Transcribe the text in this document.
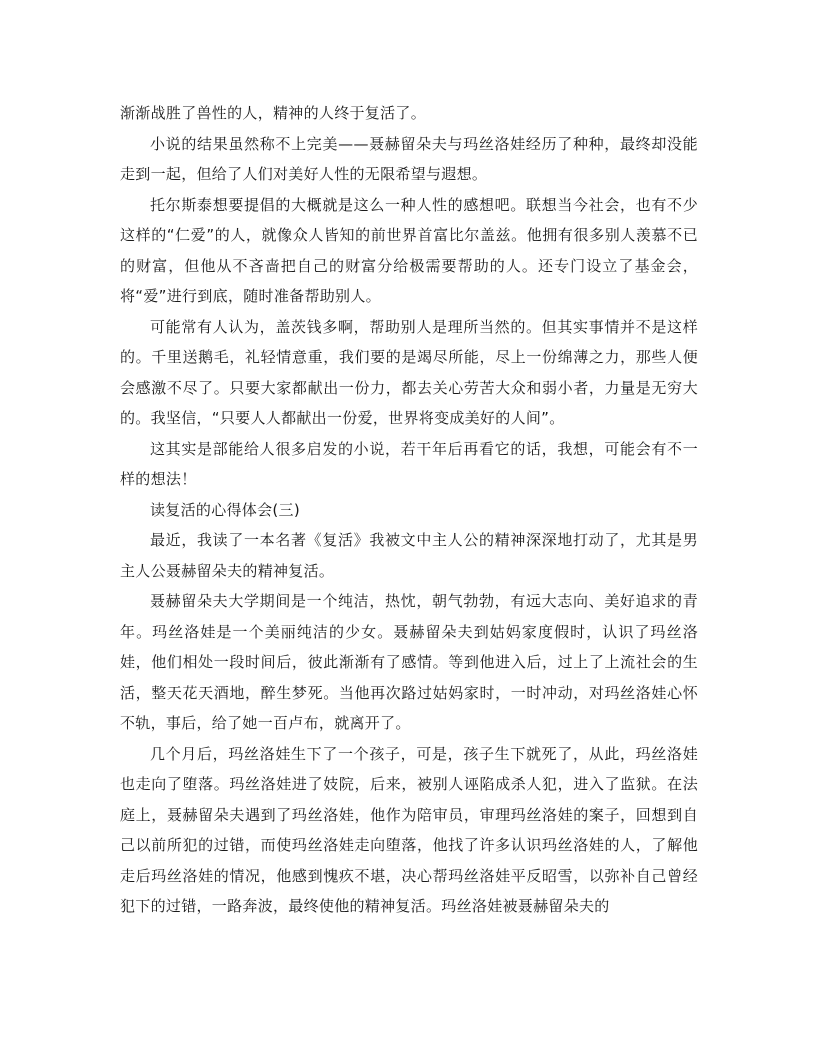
渐渐战胜了兽性的人，精神的人终于复活了。

小说的结果虽然称不上完美——聂赫留朵夫与玛丝洛娃经历了种种，最终却没能走到一起，但给了人们对美好人性的无限希望与遐想。

托尔斯泰想要提倡的大概就是这么一种人性的感想吧。联想当今社会，也有不少这样的“仁爱”的人，就像众人皆知的前世界首富比尔盖兹。他拥有很多别人羡慕不已的财富，但他从不吝啬把自己的财富分给极需要帮助的人。还专门设立了基金会，将“爱”进行到底，随时准备帮助别人。

可能常有人认为，盖茨钱多啊，帮助别人是理所当然的。但其实事情并不是这样的。千里送鹅毛，礼轻情意重，我们要的是竭尽所能，尽上一份绵薄之力，那些人便会感激不尽了。只要大家都献出一份力，都去关心劳苦大众和弱小者，力量是无穷大的。我坚信，“只要人人都献出一份爱，世界将变成美好的人间”。

这其实是部能给人很多启发的小说，若干年后再看它的话，我想，可能会有不一样的想法！

读复活的心得体会(三)

最近，我读了一本名著《复活》我被文中主人公的精神深深地打动了，尤其是男主人公聂赫留朵夫的精神复活。

聂赫留朵夫大学期间是一个纯洁，热忱，朝气勃勃，有远大志向、美好追求的青年。玛丝洛娃是一个美丽纯洁的少女。聂赫留朵夫到姑妈家度假时，认识了玛丝洛娃，他们相处一段时间后，彼此渐渐有了感情。等到他进入后，过上了上流社会的生活，整天花天酒地，醉生梦死。当他再次路过姑妈家时，一时冲动，对玛丝洛娃心怀不轨，事后，给了她一百卢布，就离开了。

几个月后，玛丝洛娃生下了一个孩子，可是，孩子生下就死了，从此，玛丝洛娃也走向了堕落。玛丝洛娃进了妓院，后来，被别人诬陷成杀人犯，进入了监狱。在法庭上，聂赫留朵夫遇到了玛丝洛娃，他作为陪审员，审理玛丝洛娃的案子，回想到自己以前所犯的过错，而使玛丝洛娃走向堕落，他找了许多认识玛丝洛娃的人，了解他走后玛丝洛娃的情况，他感到愧疚不堪，决心帮玛丝洛娃平反昭雪，以弥补自己曾经犯下的过错，一路奔波，最终使他的精神复活。玛丝洛娃被聂赫留朵夫的
